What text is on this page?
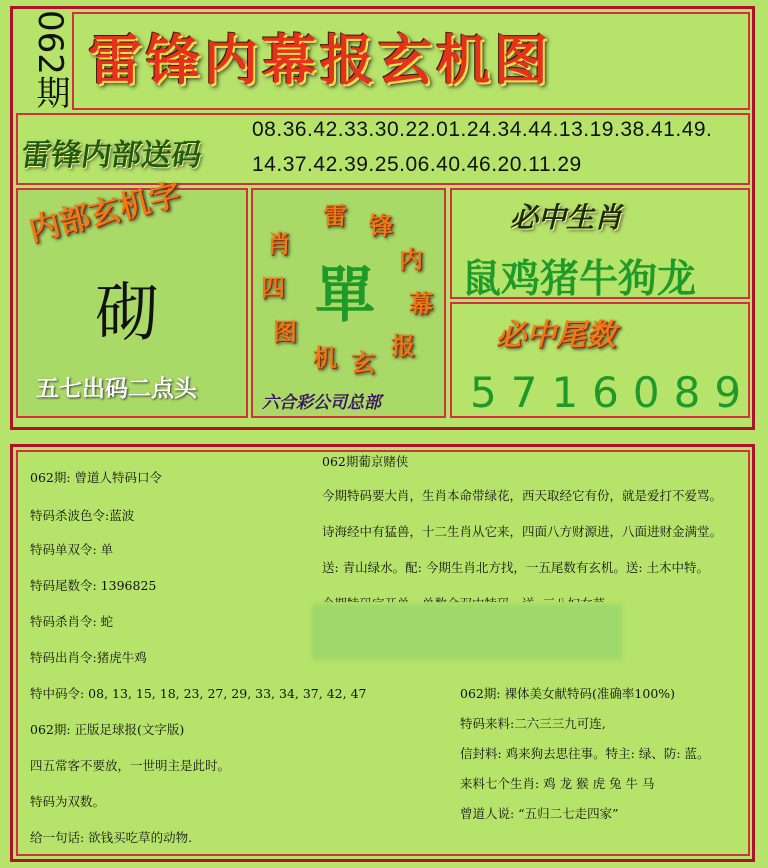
062期 雷锋内幕报玄机图
雷锋内部送码
08.36.42.33.30.22.01.24.34.44.13.19.38.41.49.
14.37.42.39.25.06.40.46.20.11.29
内部玄机字
砌
五七出码二点头
雷 锋
内
幕
报
玄
机
图
四
肖
單
六合彩公司总部
必中生肖
鼠鸡猪牛狗龙
必中尾数
5716089
062期: 曾道人特码口令
特码杀波色令:蓝波
特码单双令: 单
特码尾数令: 1396825
特码杀肖令: 蛇
特码出肖令:猪虎牛鸡
特中码令: 08, 13, 15, 18, 23, 27, 29, 33, 34, 37, 42, 47
062期: 正版足球报(文字版)
四五常客不要放，一世明主是此时。
特码为双数。
给一句话: 欲钱买吃草的动物.
062期葡京赌侠
今期特码要大肖，生肖本命带绿花，西天取经它有份，就是爱打不爱骂。
诗海经中有猛兽，十二生肖从它来，四面八方财源进，八面进财金满堂。
送: 青山绿水。配: 今期生肖北方找，一五尾数有玄机。送: 土木中特。
062期: 裸体美女献特码(准确率100%)
特码来料:二六三三九可连,
信封料: 鸡来狗去思往事。特主: 绿、防: 蓝。
来料七个生肖: 鸡 龙 猴 虎 兔 牛 马
曾道人说: “五归二七走四家”
